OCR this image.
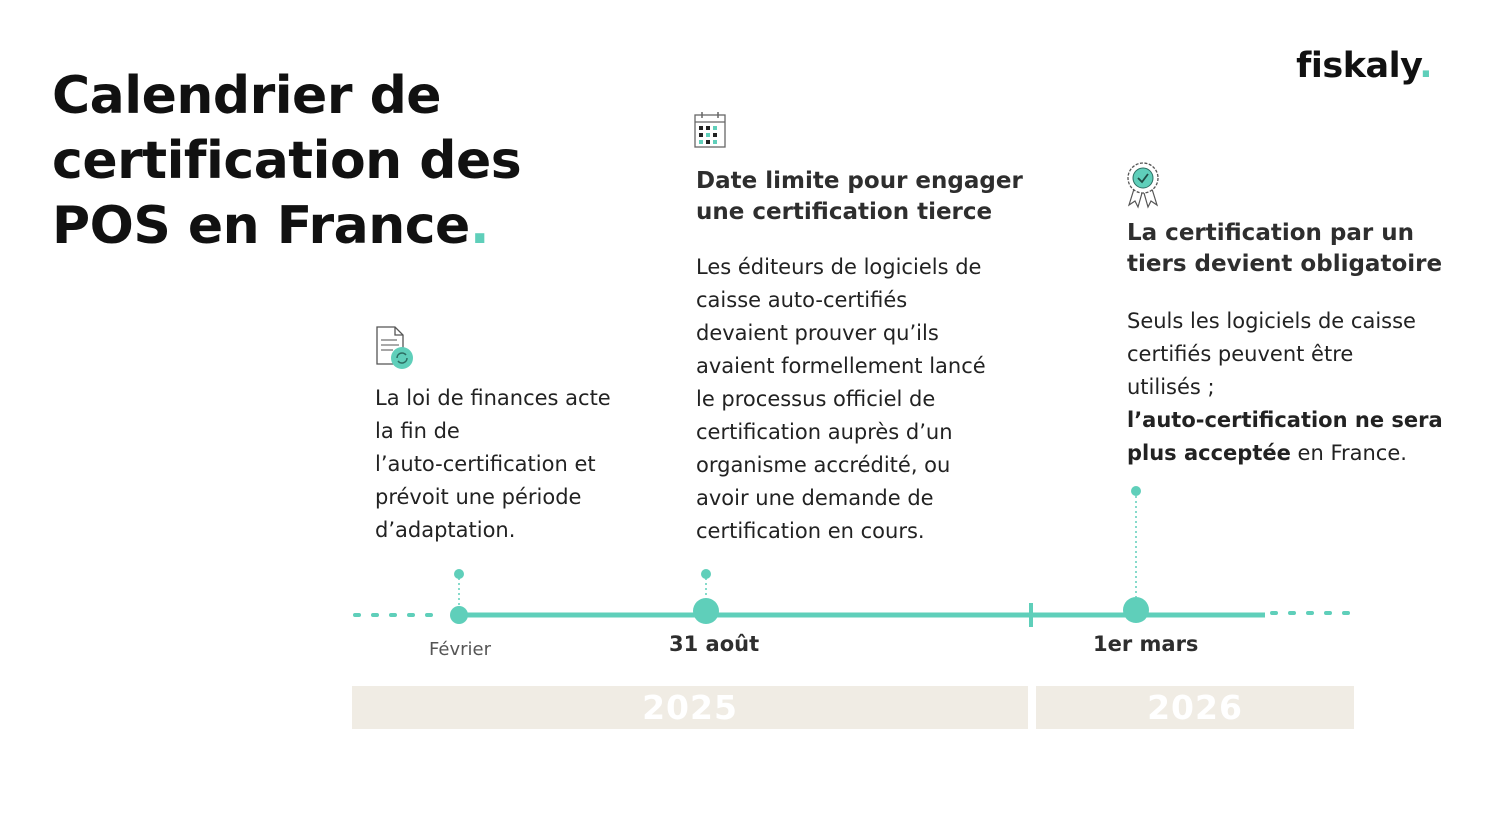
Calendrier de
certification des
POS en France.
fiskaly.

La loi de finances acte
la fin de
l’auto-certification et
prévoit une période
d’adaptation.

Février
Date limite pour engager
une certification tierce

Les éditeurs de logiciels de
caisse auto-certifiés
devaient prouver qu’ils
avaient formellement lancé
le processus officiel de
certification auprès d’un
organisme accrédité, ou
avoir une demande de
certification en cours.

31 août
La certification par un
tiers devient obligatoire

Seuls les logiciels de caisse
certifiés peuvent être
utilisés ;
l’auto-certification ne sera
plus acceptée en France.

1er mars
2025	2026
